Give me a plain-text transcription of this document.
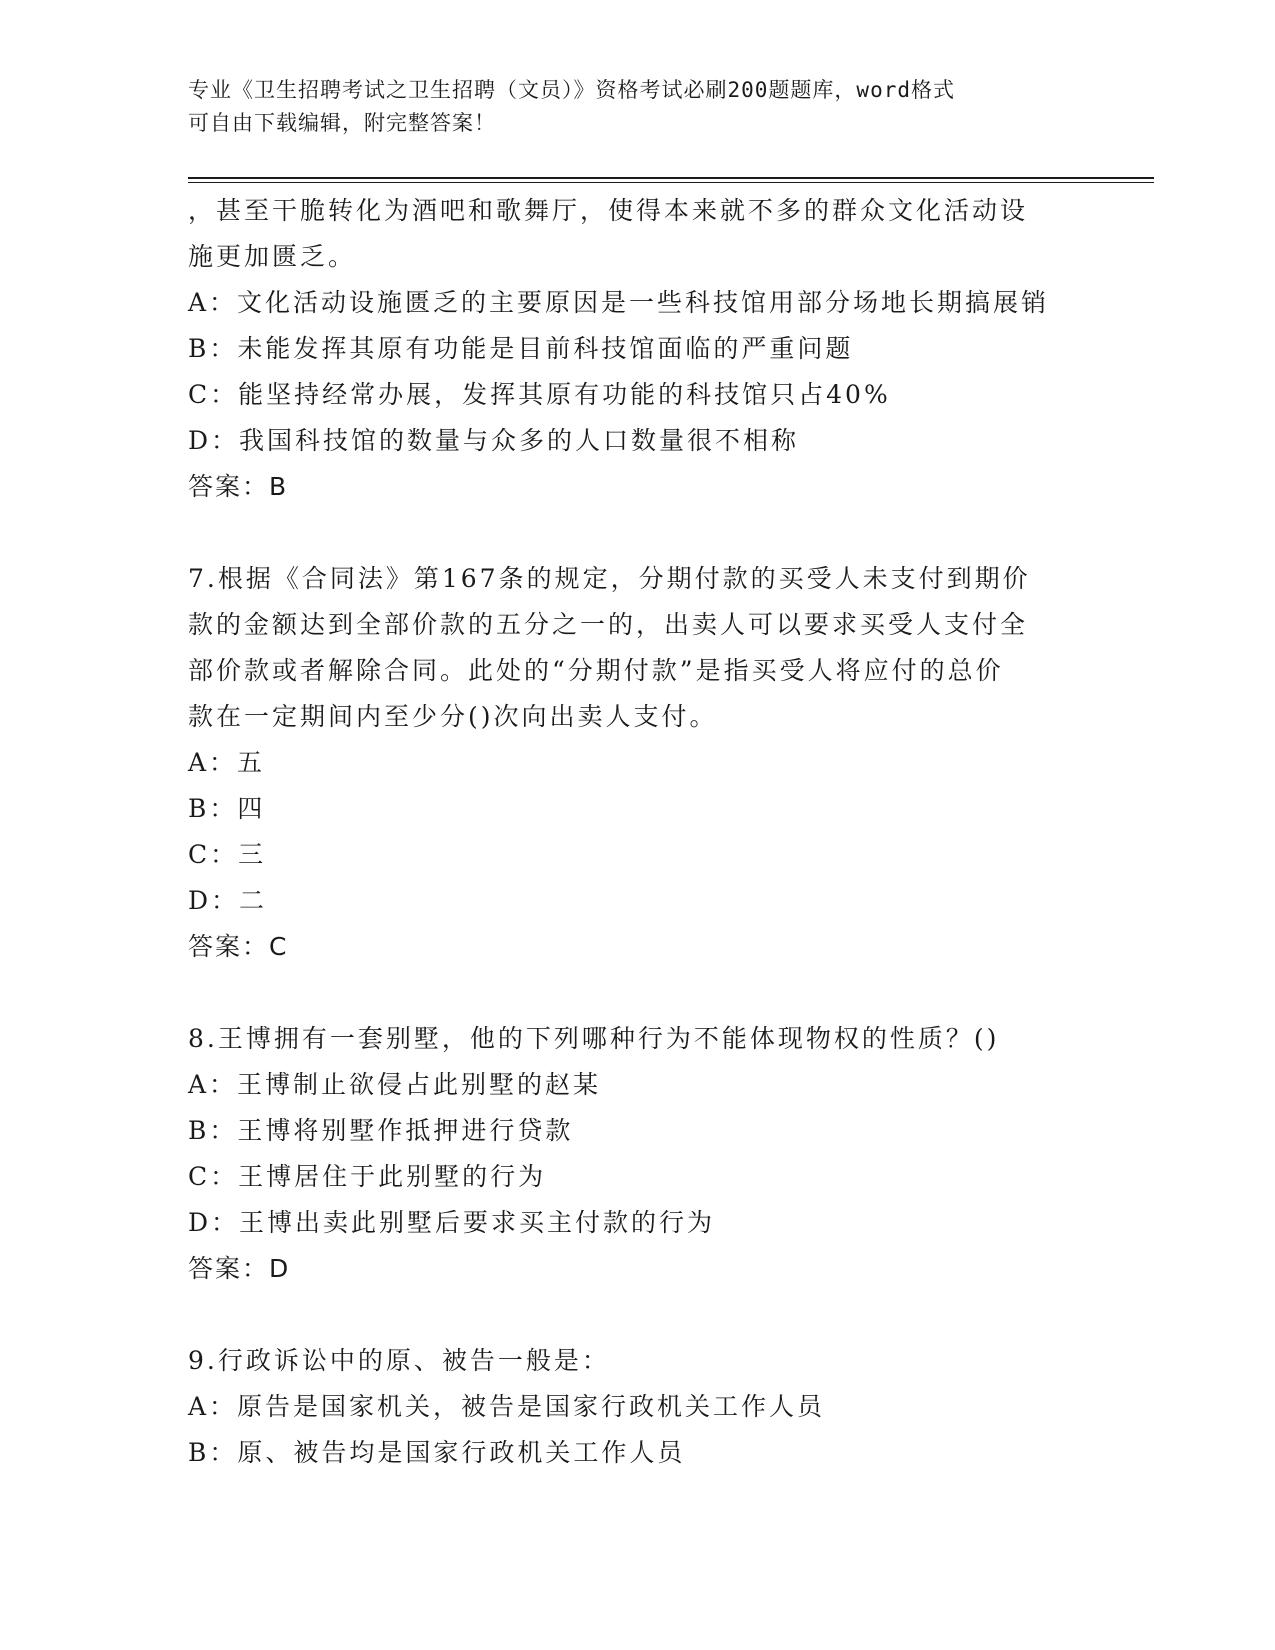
专业《卫生招聘考试之卫生招聘（文员）》资格考试必刷200题题库，word格式
可自由下载编辑，附完整答案！
，甚至干脆转化为酒吧和歌舞厅，使得本来就不多的群众文化活动设
施更加匮乏。
A：文化活动设施匮乏的主要原因是一些科技馆用部分场地长期搞展销
B：未能发挥其原有功能是目前科技馆面临的严重问题
C：能坚持经常办展，发挥其原有功能的科技馆只占40%
D：我国科技馆的数量与众多的人口数量很不相称
答案：B
7.根据《合同法》第167条的规定，分期付款的买受人未支付到期价
款的金额达到全部价款的五分之一的，出卖人可以要求买受人支付全
部价款或者解除合同。此处的“分期付款”是指买受人将应付的总价
款在一定期间内至少分()次向出卖人支付。
A：五
B：四
C：三
D：二
答案：C
8.王博拥有一套别墅，他的下列哪种行为不能体现物权的性质？()
A：王博制止欲侵占此别墅的赵某
B：王博将别墅作抵押进行贷款
C：王博居住于此别墅的行为
D：王博出卖此别墅后要求买主付款的行为
答案：D
9.行政诉讼中的原、被告一般是：
A：原告是国家机关，被告是国家行政机关工作人员
B：原、被告均是国家行政机关工作人员
